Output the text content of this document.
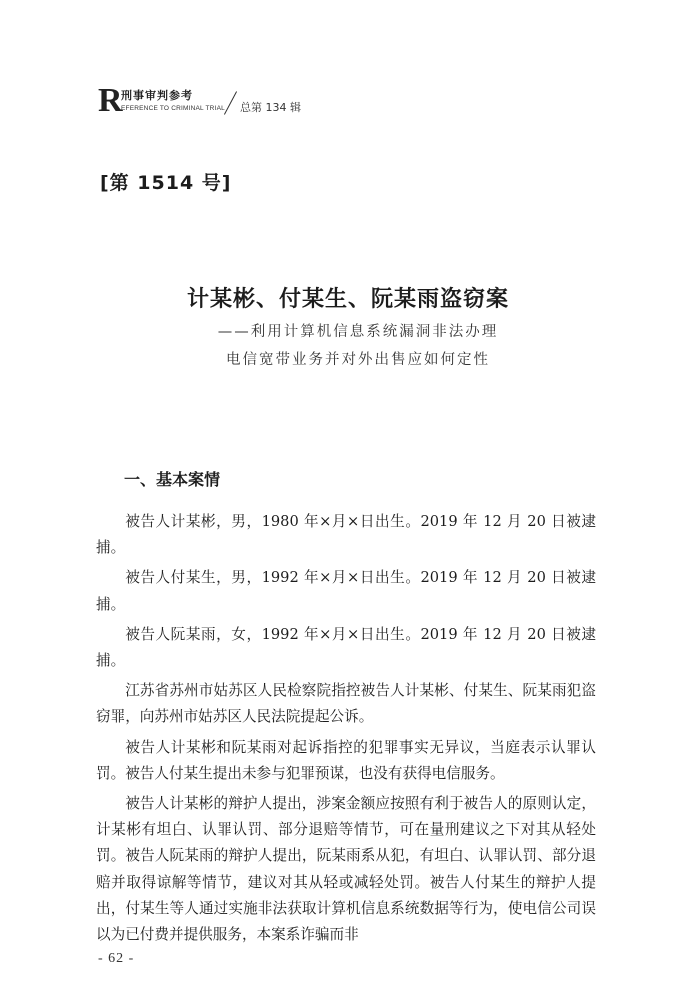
R
刑事审判参考
EFERENCE TO CRIMINAL TRIAL 总第 134 辑
[第 1514 号]
计某彬、付某生、阮某雨盗窃案
——利用计算机信息系统漏洞非法办理
电信宽带业务并对外出售应如何定性
一、基本案情

被告人计某彬，男，1980 年×月×日出生。2019 年 12 月 20 日被逮捕。

被告人付某生，男，1992 年×月×日出生。2019 年 12 月 20 日被逮捕。

被告人阮某雨，女，1992 年×月×日出生。2019 年 12 月 20 日被逮捕。

江苏省苏州市姑苏区人民检察院指控被告人计某彬、付某生、阮某雨犯盗窃罪，向苏州市姑苏区人民法院提起公诉。

被告人计某彬和阮某雨对起诉指控的犯罪事实无异议，当庭表示认罪认罚。被告人付某生提出未参与犯罪预谋，也没有获得电信服务。

被告人计某彬的辩护人提出，涉案金额应按照有利于被告人的原则认定，计某彬有坦白、认罪认罚、部分退赔等情节，可在量刑建议之下对其从轻处罚。被告人阮某雨的辩护人提出，阮某雨系从犯，有坦白、认罪认罚、部分退赔并取得谅解等情节，建议对其从轻或减轻处罚。被告人付某生的辩护人提出，付某生等人通过实施非法获取计算机信息系统数据等行为，使电信公司误以为已付费并提供服务，本案系诈骗而非

- 62 -
